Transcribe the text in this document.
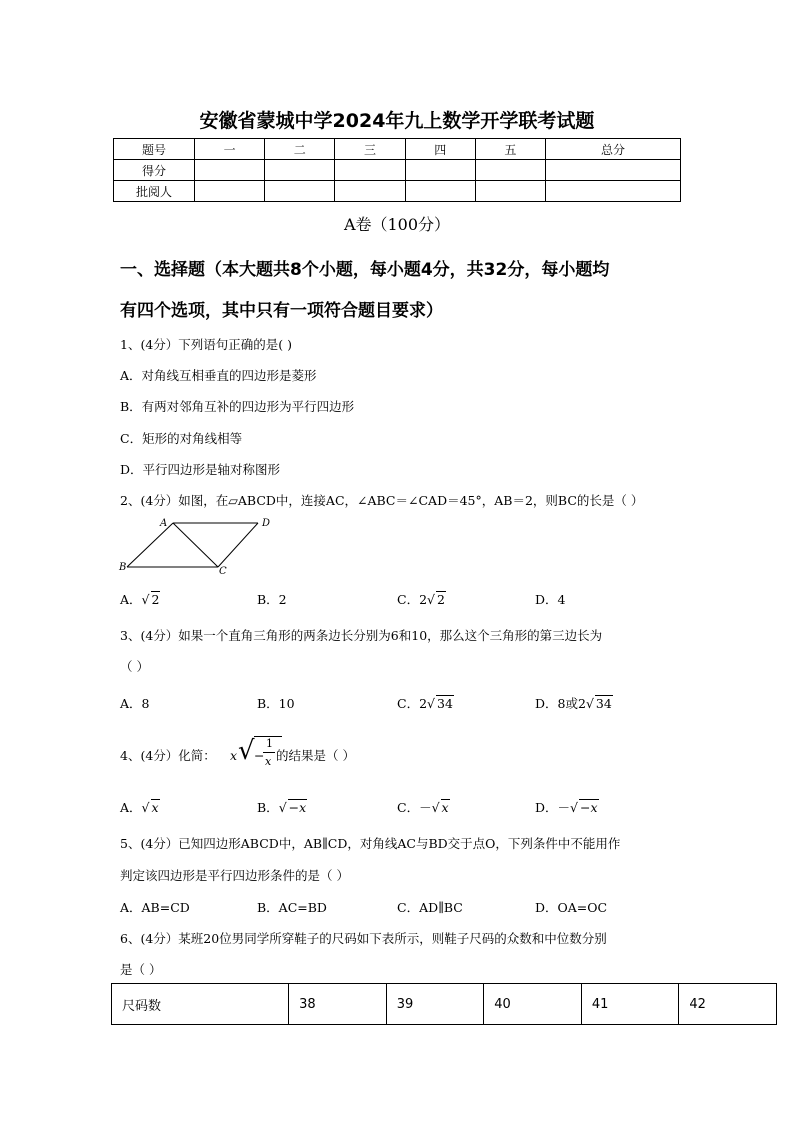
安徽省蒙城中学2024年九上数学开学联考试题
题号	一	二	三	四	五	总分
得分						
批阅人						
A卷（100分）
一、选择题（本大题共8个小题，每小题4分，共32分，每小题均
有四个选项，其中只有一项符合题目要求）
1、(4分）下列语句正确的是( )
A．对角线互相垂直的四边形是菱形
B．有两对邻角互补的四边形为平行四边形
C．矩形的对角线相等
D．平行四边形是轴对称图形
2、(4分）如图，在▱ABCD中，连接AC，∠ABC＝∠CAD＝45°，AB＝2，则BC的长是（ ）
A	D
B	C
A．√ 2	B．2	C．2√ 2	D．4
3、(4分）如果一个直角三角形的两条边长分别为6和10，那么这个三角形的第三边长为
（ ）
A．8	B．10	C．2√ 34	D．8或2√ 34
4、(4分）化简： x √ −
1
x 的结果是（ ）
A．√ x	B．√ −x	C．－√ x	D．－√ −x
5、(4分）已知四边形ABCD中，AB∥CD，对角线AC与BD交于点O，下列条件中不能用作
判定该四边形是平行四边形条件的是（ ）
A．AB=CD	B．AC=BD	C．AD∥BC	D．OA=OC
6、(4分）某班20位男同学所穿鞋子的尺码如下表所示，则鞋子尺码的众数和中位数分别
是（ ）
尺码数	38	39	40	41	42
